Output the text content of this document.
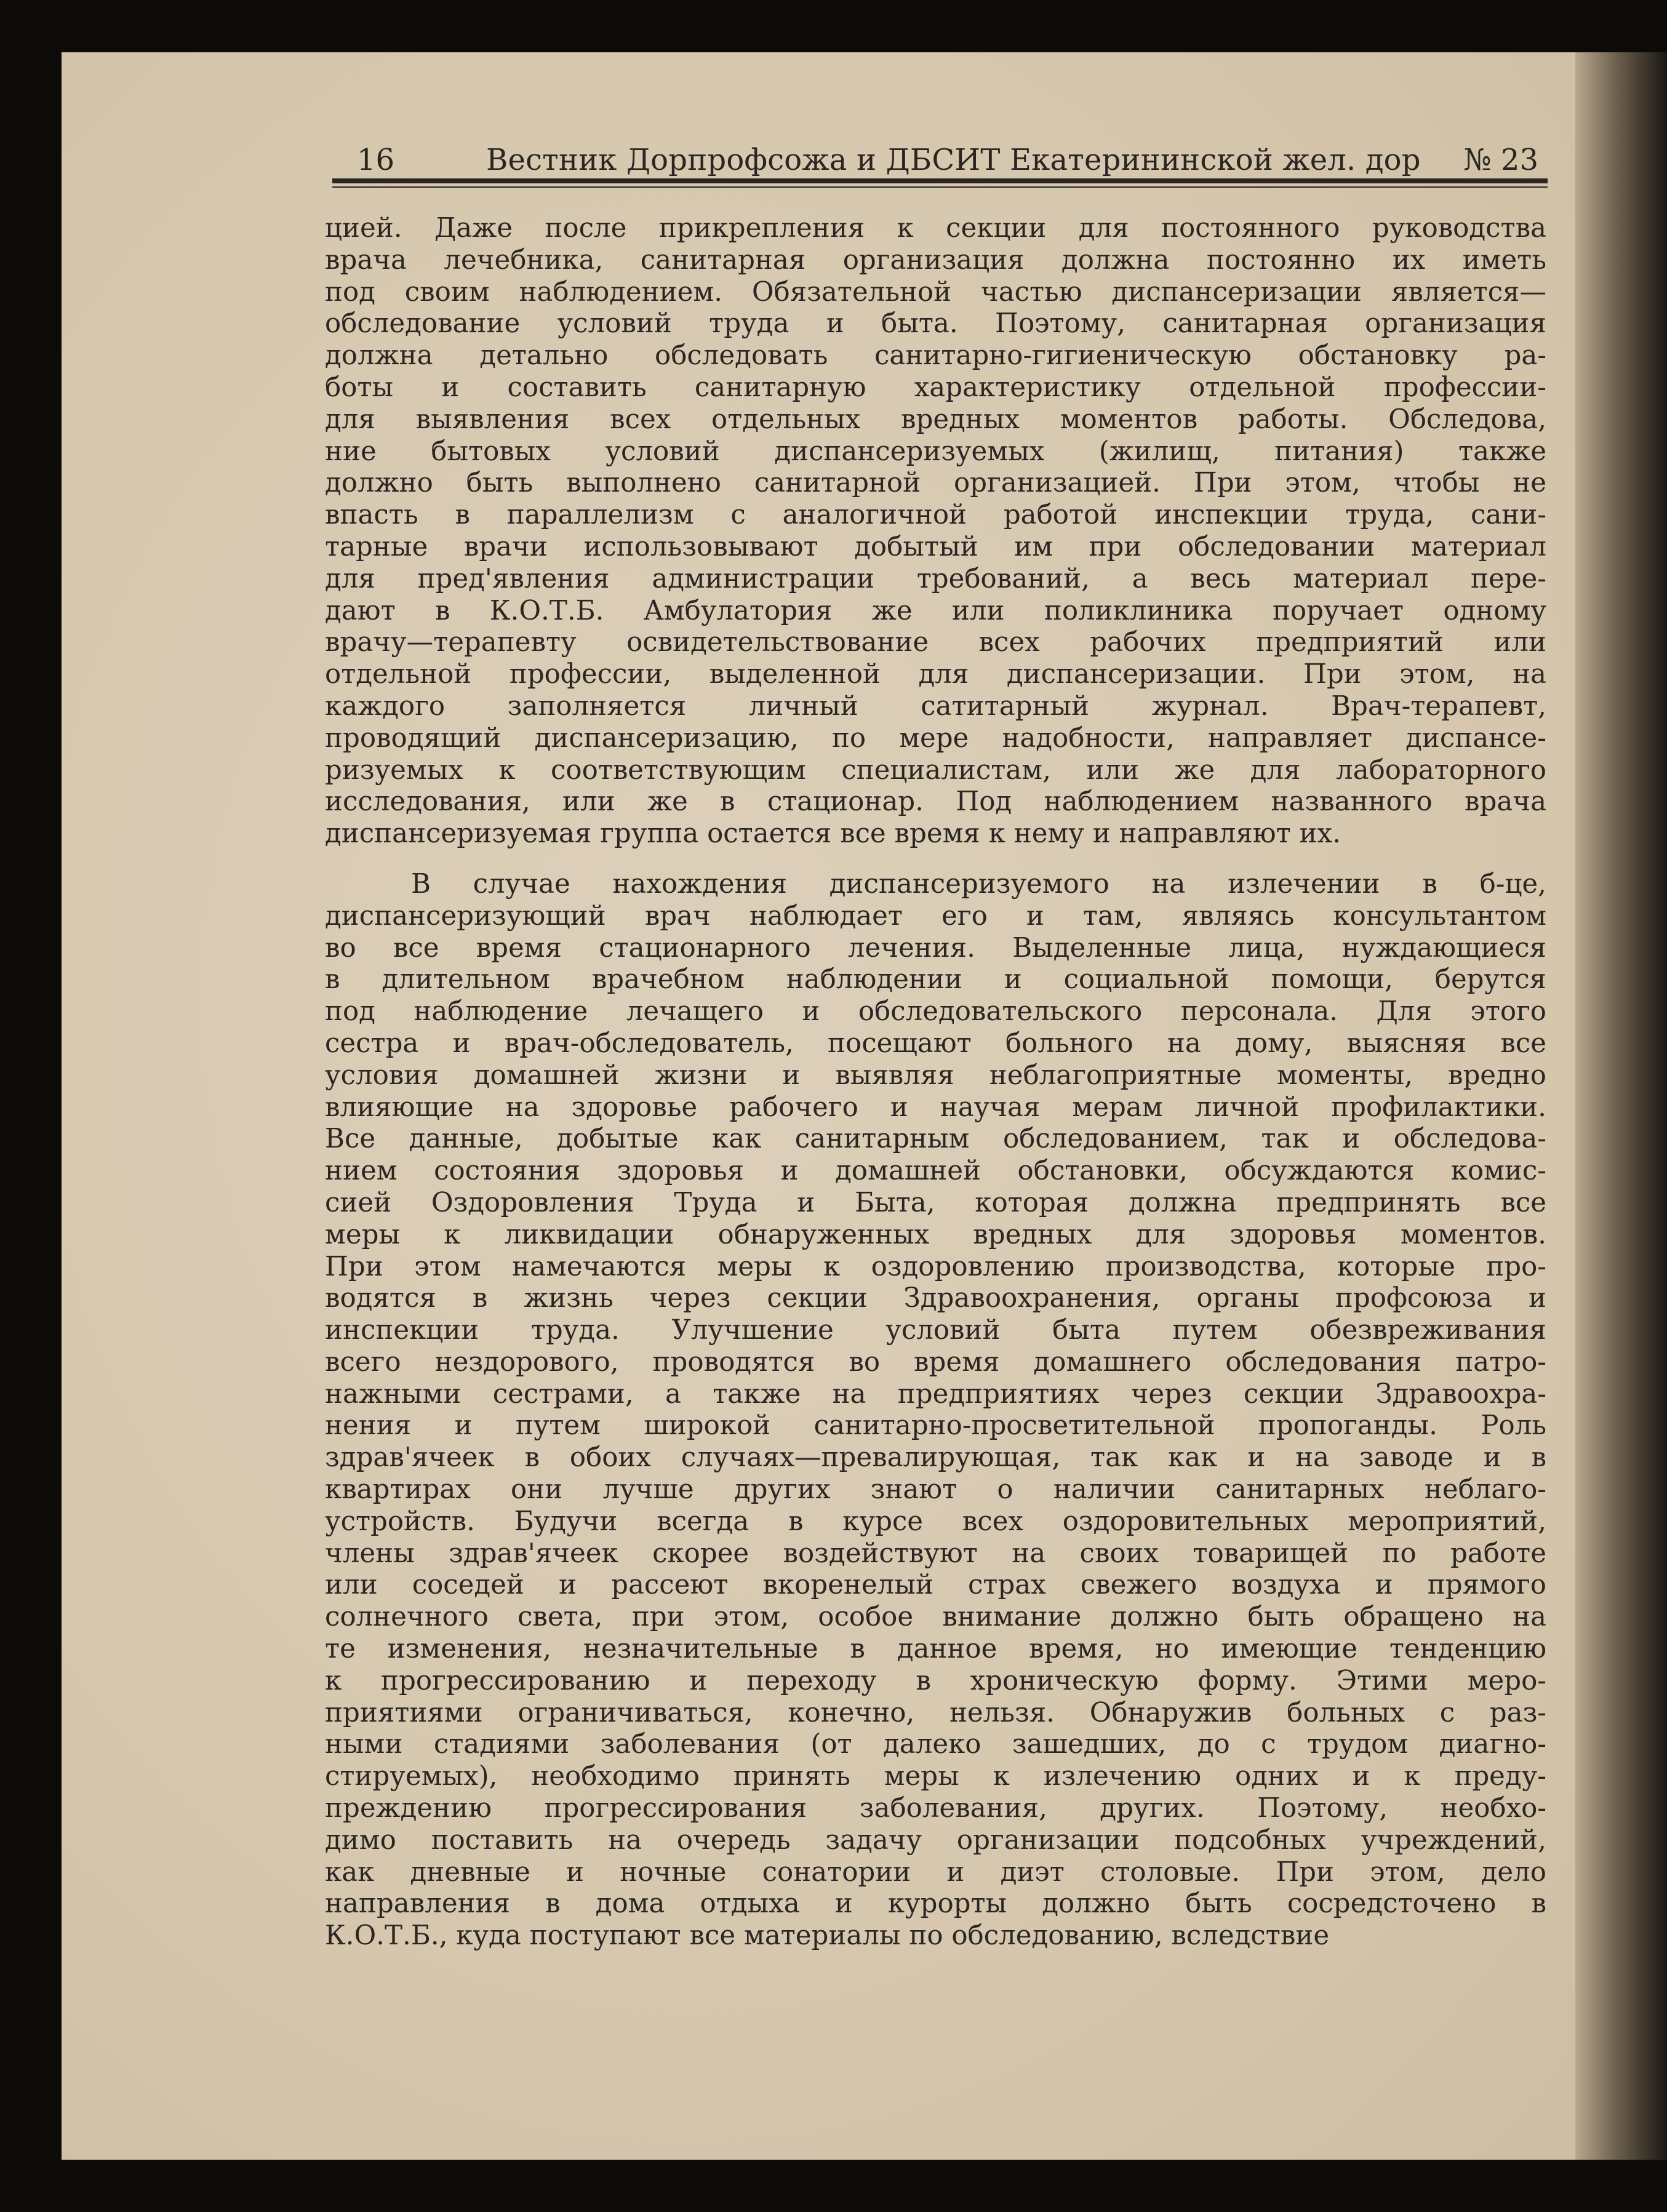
16	Вестник Дорпрофсожа и ДБСИТ Екатерининской жел. дор № 23

цией. Даже после прикрепления к секции для постоянного руководства

врача лечебника, санитарная организация должна постоянно их иметь

под своим наблюдением. Обязательной частью диспансеризации является—

обследование условий труда и быта. Поэтому, санитарная организация

должна детально обследовать санитарно-гигиеническую обстановку ра-

боты и составить санитарную характеристику отдельной профессии-

для выявления всех отдельных вредных моментов работы. Обследова,

ние бытовых условий диспансеризуемых (жилищ, питания) также

должно быть выполнено санитарной организацией. При этом, чтобы не

впасть в параллелизм с аналогичной работой инспекции труда, сани-

тарные врачи использовывают добытый им при обследовании материал

для пред'явления администрации требований, а весь материал пере-

дают в К.О.Т.Б. Амбулатория же или поликлиника поручает одному

врачу—терапевту освидетельствование всех рабочих предприятий или

отдельной профессии, выделенной для диспансеризации. При этом, на

каждого заполняется личный сатитарный журнал. Врач-терапевт,

проводящий диспансеризацию, по мере надобности, направляет диспансе-

ризуемых к соответствующим специалистам, или же для лабораторного

исследования, или же в стационар. Под наблюдением названного врача

диспансеризуемая группа остается все время к нему и направляют их.

В случае нахождения диспансеризуемого на излечении в б-це,

диспансеризующий врач наблюдает его и там, являясь консультантом

во все время стационарного лечения. Выделенные лица, нуждающиеся

в длительном врачебном наблюдении и социальной помощи, берутся

под наблюдение лечащего и обследовательского персонала. Для этого

сестра и врач-обследователь, посещают больного на дому, выясняя все

условия домашней жизни и выявляя неблагоприятные моменты, вредно

влияющие на здоровье рабочего и научая мерам личной профилактики.

Все данные, добытые как санитарным обследованием, так и обследова-

нием состояния здоровья и домашней обстановки, обсуждаются комис-

сией Оздоровления Труда и Быта, которая должна предпринять все

меры к ликвидации обнаруженных вредных для здоровья моментов.

При этом намечаются меры к оздоровлению производства, которые про-

водятся в жизнь через секции Здравоохранения, органы профсоюза и

инспекции труда. Улучшение условий быта путем обезвреживания

всего нездорового, проводятся во время домашнего обследования патро-

нажными сестрами, а также на предприятиях через секции Здравоохра-

нения и путем широкой санитарно-просветительной пропоганды. Роль

здрав'ячеек в обоих случаях—превалирующая, так как и на заводе и в

квартирах они лучше других знают о наличии санитарных неблаго-

устройств. Будучи всегда в курсе всех оздоровительных мероприятий,

члены здрав'ячеек скорее воздействуют на своих товарищей по работе

или соседей и рассеют вкоренелый страх свежего воздуха и прямого

солнечного света, при этом, особое внимание должно быть обращено на

те изменения, незначительные в данное время, но имеющие тенденцию

к прогрессированию и переходу в хроническую форму. Этими меро-

приятиями ограничиваться, конечно, нельзя. Обнаружив больных с раз-

ными стадиями заболевания (от далеко зашедших, до с трудом диагно-

стируемых), необходимо принять меры к излечению одних и к преду-

преждению прогрессирования заболевания, других. Поэтому, необхо-

димо поставить на очередь задачу организации подсобных учреждений,

как дневные и ночные сонатории и диэт столовые. При этом, дело

направления в дома отдыха и курорты должно быть сосредсточено в

К.О.Т.Б., куда поступают все материалы по обследованию, вследствие
